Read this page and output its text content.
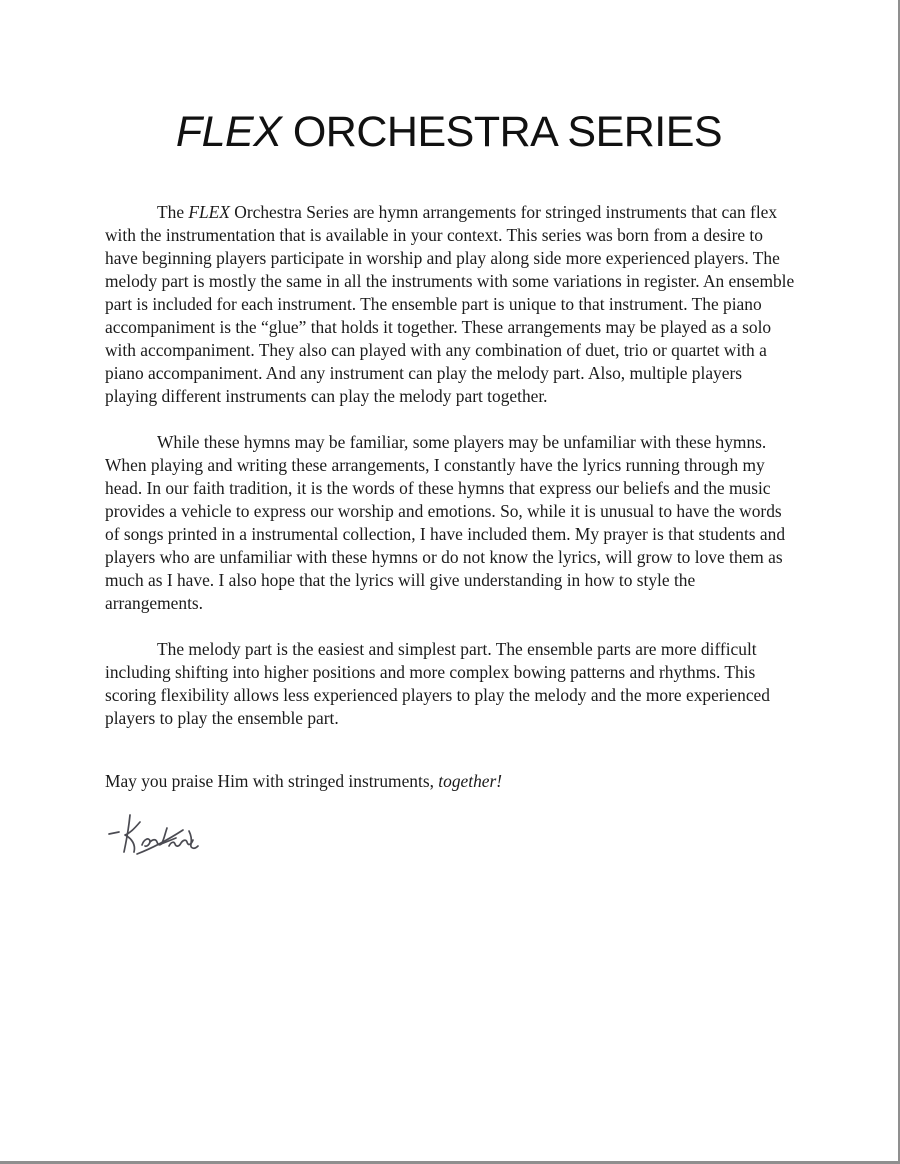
FLEX ORCHESTRA SERIES

The FLEX Orchestra Series are hymn arrangements for stringed instruments that can flex with the instrumentation that is available in your context. This series was born from a desire to have beginning players participate in worship and play along side more experienced players. The melody part is mostly the same in all the instruments with some variations in register. An ensemble part is included for each instrument. The ensemble part is unique to that instrument. The piano accompaniment is the “glue” that holds it together. These arrangements may be played as a solo with accompaniment. They also can played with any combination of duet, trio or quartet with a piano accompaniment. And any instrument can play the melody part. Also, multiple players playing different instruments can play the melody part together.

While these hymns may be familiar, some players may be unfamiliar with these hymns. When playing and writing these arrangements, I constantly have the lyrics running through my head. In our faith tradition, it is the words of these hymns that express our beliefs and the music provides a vehicle to express our worship and emotions. So, while it is unusual to have the words of songs printed in a instrumental collection, I have included them. My prayer is that students and players who are unfamiliar with these hymns or do not know the lyrics, will grow to love them as much as I have. I also hope that the lyrics will give understanding in how to style the arrangements.

The melody part is the easiest and simplest part. The ensemble parts are more difficult including shifting into higher positions and more complex bowing patterns and rhythms. This scoring flexibility allows less experienced players to play the melody and the more experienced players to play the ensemble part.

May you praise Him with stringed instruments, together!
